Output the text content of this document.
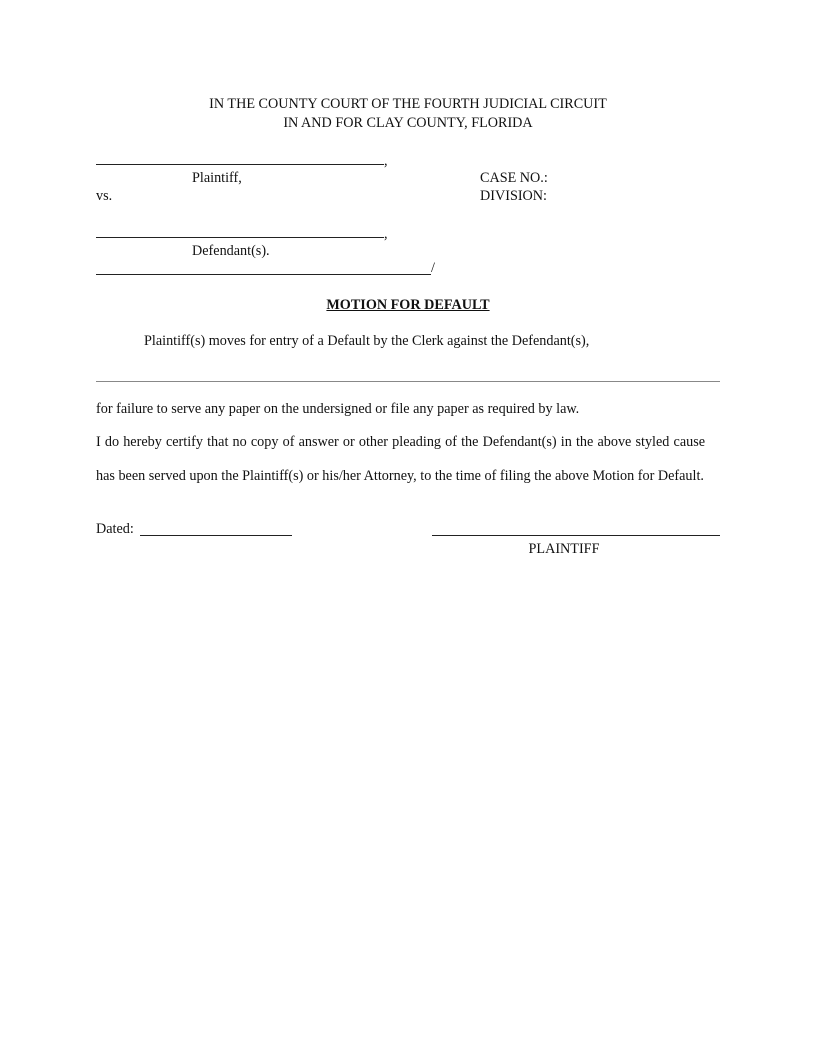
IN THE COUNTY COURT OF THE FOURTH JUDICIAL CIRCUIT
IN AND FOR CLAY COUNTY, FLORIDA
,
Plaintiff,	CASE NO.:
DIVISION:
vs.
,
Defendant(s).
/
MOTION FOR DEFAULT
Plaintiff(s) moves for entry of a Default by the Clerk against the Defendant(s),
for failure to serve any paper on the undersigned or file any paper as required by law.
I do hereby certify that no copy of answer or other pleading of the Defendant(s) in the above styled cause
has been served upon the Plaintiff(s) or his/her Attorney, to the time of filing the above Motion for Default.
Dated:
PLAINTIFF
